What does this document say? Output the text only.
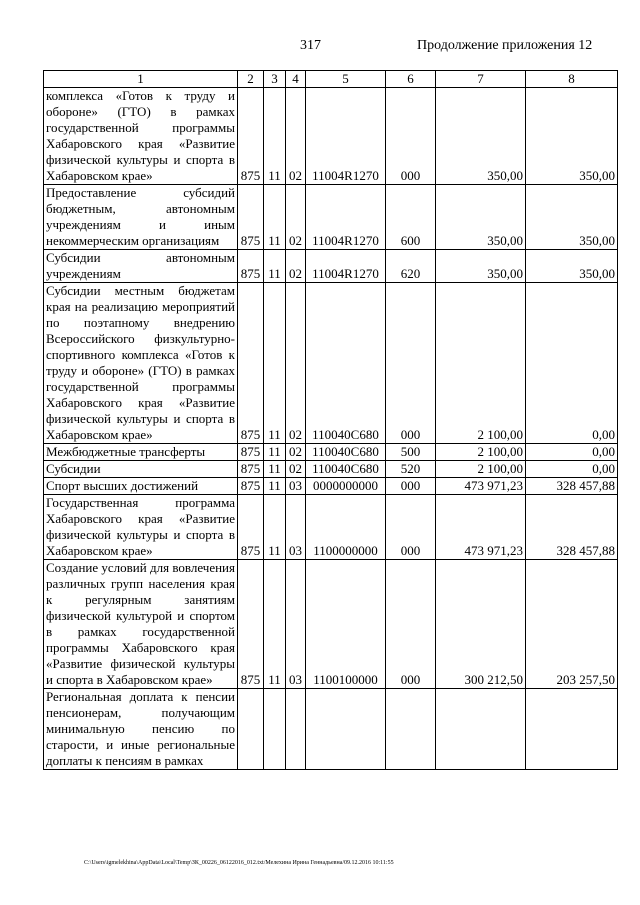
317	Продолжение приложения 12
1	2	3	4	5	6	7	8
комплекса «Готов к труду и обороне» (ГТО) в рамках государственной программы Хабаровского края «Развитие физической культуры и спорта в Хабаровском крае»	875	11	02	11004R1270	000	350,00	350,00
Предоставление субсидий бюджетным, автономным учреждениям и иным некоммерческим организациям	875	11	02	11004R1270	600	350,00	350,00
Субсидии автономным учреждениям	875	11	02	11004R1270	620	350,00	350,00
Субсидии местным бюджетам края на реализацию мероприятий по поэтапному внедрению Всероссийского физкультурно-спортивного комплекса «Готов к труду и обороне» (ГТО) в рамках государственной программы Хабаровского края «Развитие физической культуры и спорта в Хабаровском крае»	875	11	02	110040С680	000	2 100,00	0,00
Межбюджетные трансферты	875	11	02	110040С680	500	2 100,00	0,00
Субсидии	875	11	02	110040С680	520	2 100,00	0,00
Спорт высших достижений	875	11	03	0000000000	000	473 971,23	328 457,88
Государственная программа Хабаровского края «Развитие физической культуры и спорта в Хабаровском крае»	875	11	03	1100000000	000	473 971,23	328 457,88
Создание условий для вовлечения различных групп населения края к регулярным занятиям физической культурой и спортом в рамках государственной программы Хабаровского края «Развитие физической культуры и спорта в Хабаровском крае»	875	11	03	1100100000	000	300 212,50	203 257,50
Региональная доплата к пенсии пенсионерам, получающим минимальную пенсию по старости, и иные региональные доплаты к пенсиям в рамках							
C:\Users\igmelekhina\AppData\Local\Temp\ЗК_00226_06122016_012.txt/Мелехина Ирина Геннадьевна/09.12.2016 10:11:55
